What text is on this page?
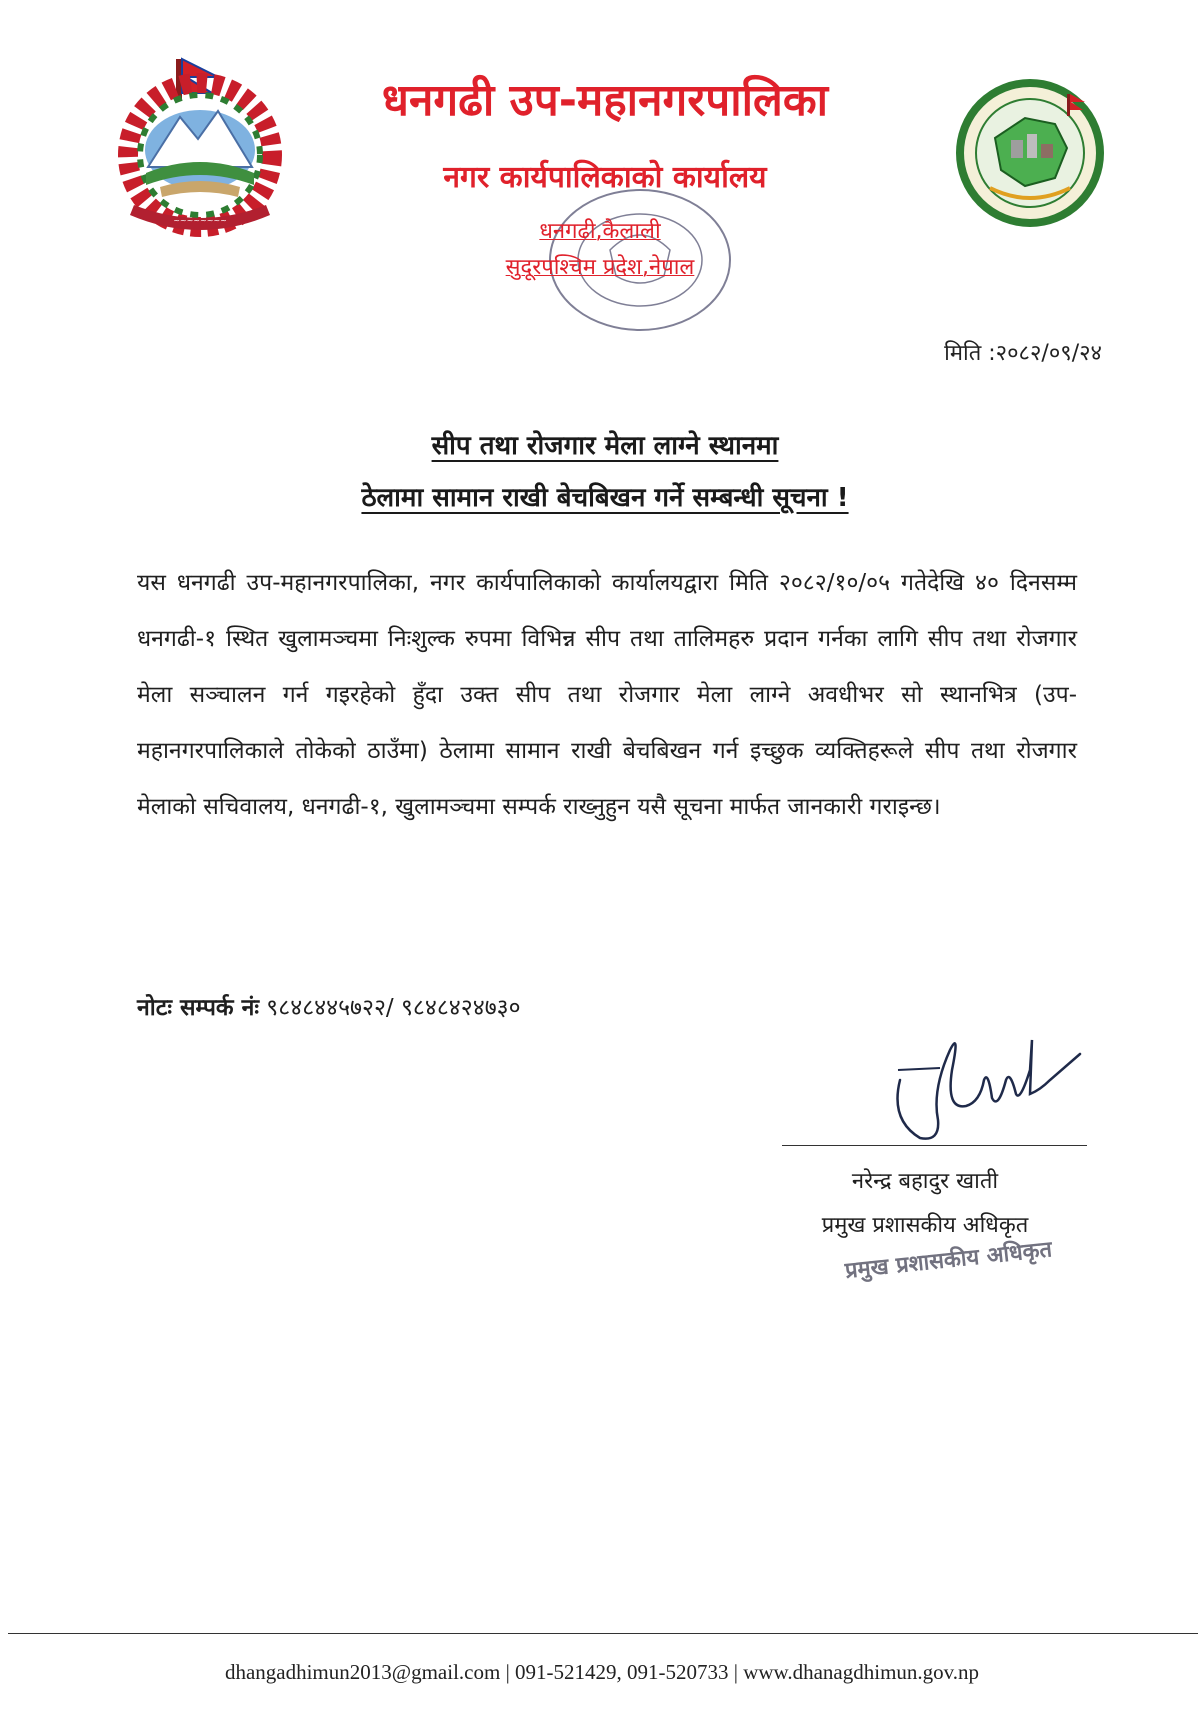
~~~~~~~~
धनगढी उप-महानगरपालिका
नगर कार्यपालिकाको कार्यालय
धनगढी,कैलाली
सुदूरपश्चिम प्रदेश,नेपाल
मिति :२०८२/०९/२४
सीप तथा रोजगार मेला लाग्ने स्थानमा
ठेलामा सामान राखी बेचबिखन गर्ने सम्बन्धी सूचना !
यस धनगढी उप-महानगरपालिका, नगर कार्यपालिकाको कार्यालयद्वारा मिति २०८२/१०/०५ गतेदेखि ४० दिनसम्म धनगढी-१ स्थित खुलामञ्चमा निःशुल्क रुपमा विभिन्न सीप तथा तालिमहरु प्रदान गर्नका लागि सीप तथा रोजगार मेला सञ्चालन गर्न गइरहेको हुँदा उक्त सीप तथा रोजगार मेला लाग्ने अवधीभर सो स्थानभित्र (उप-महानगरपालिकाले तोकेको ठाउँमा) ठेलामा सामान राखी बेचबिखन गर्न इच्छुक व्यक्तिहरूले सीप तथा रोजगार मेलाको सचिवालय, धनगढी-१, खुलामञ्चमा सम्पर्क राख्नुहुन यसै सूचना मार्फत जानकारी गराइन्छ।
नोटः सम्पर्क नंः ९८४८४४५७२२/ ९८४८४२४७३०
नरेन्द्र बहादुर खाती
प्रमुख प्रशासकीय अधिकृत
प्रमुख प्रशासकीय अधिकृत
dhangadhimun2013@gmail.com | 091-521429, 091-520733 | www.dhanagdhimun.gov.np
